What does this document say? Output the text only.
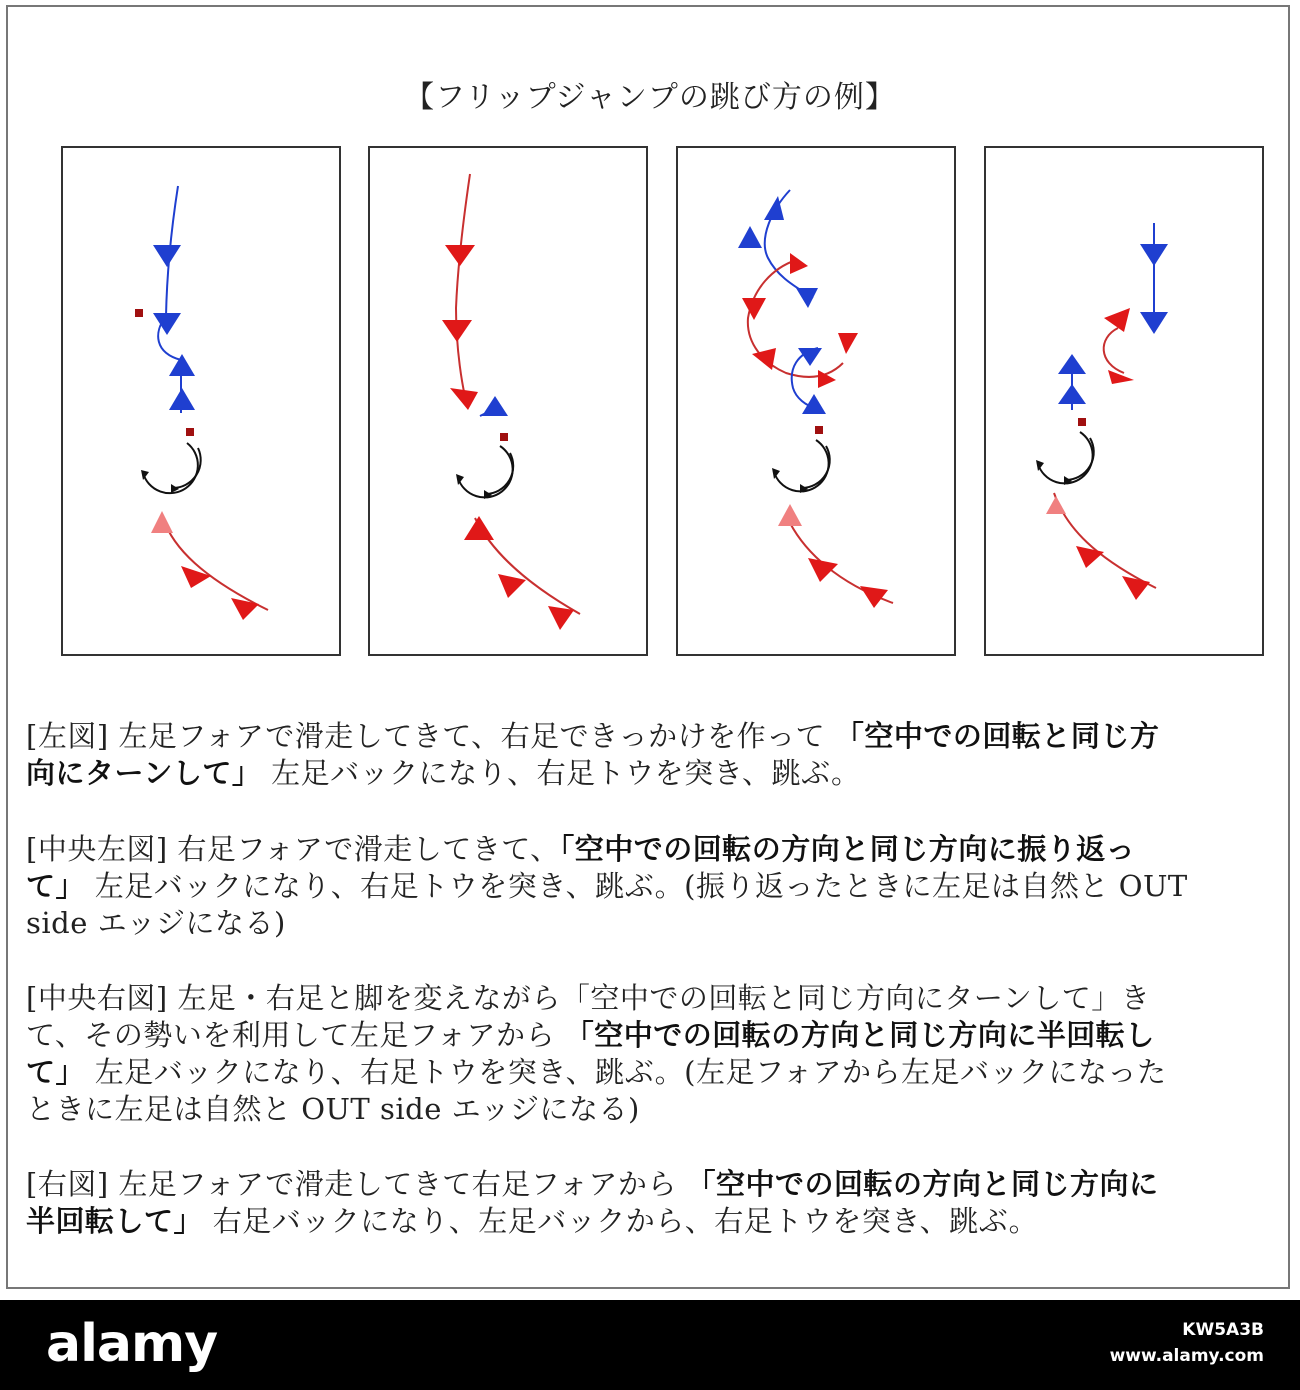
【フリップジャンプの跳び方の例】
[左図] 左足フォアで滑走してきて、右足できっかけを作って 「空中での回転と同じ方
向にターンして」 左足バックになり、右足トウを突き、跳ぶ。
[中央左図] 右足フォアで滑走してきて、「空中での回転の方向と同じ方向に振り返っ
て」 左足バックになり、右足トウを突き、跳ぶ。(振り返ったときに左足は自然と OUT
side エッジになる)
[中央右図] 左足・右足と脚を変えながら「空中での回転と同じ方向にターンして」き
て、その勢いを利用して左足フォアから 「空中での回転の方向と同じ方向に半回転し
て」 左足バックになり、右足トウを突き、跳ぶ。(左足フォアから左足バックになった
ときに左足は自然と OUT side エッジになる)
[右図] 左足フォアで滑走してきて右足フォアから 「空中での回転の方向と同じ方向に
半回転して」 右足バックになり、左足バックから、右足トウを突き、跳ぶ。
alamy	KW5A3B
www.alamy.com
